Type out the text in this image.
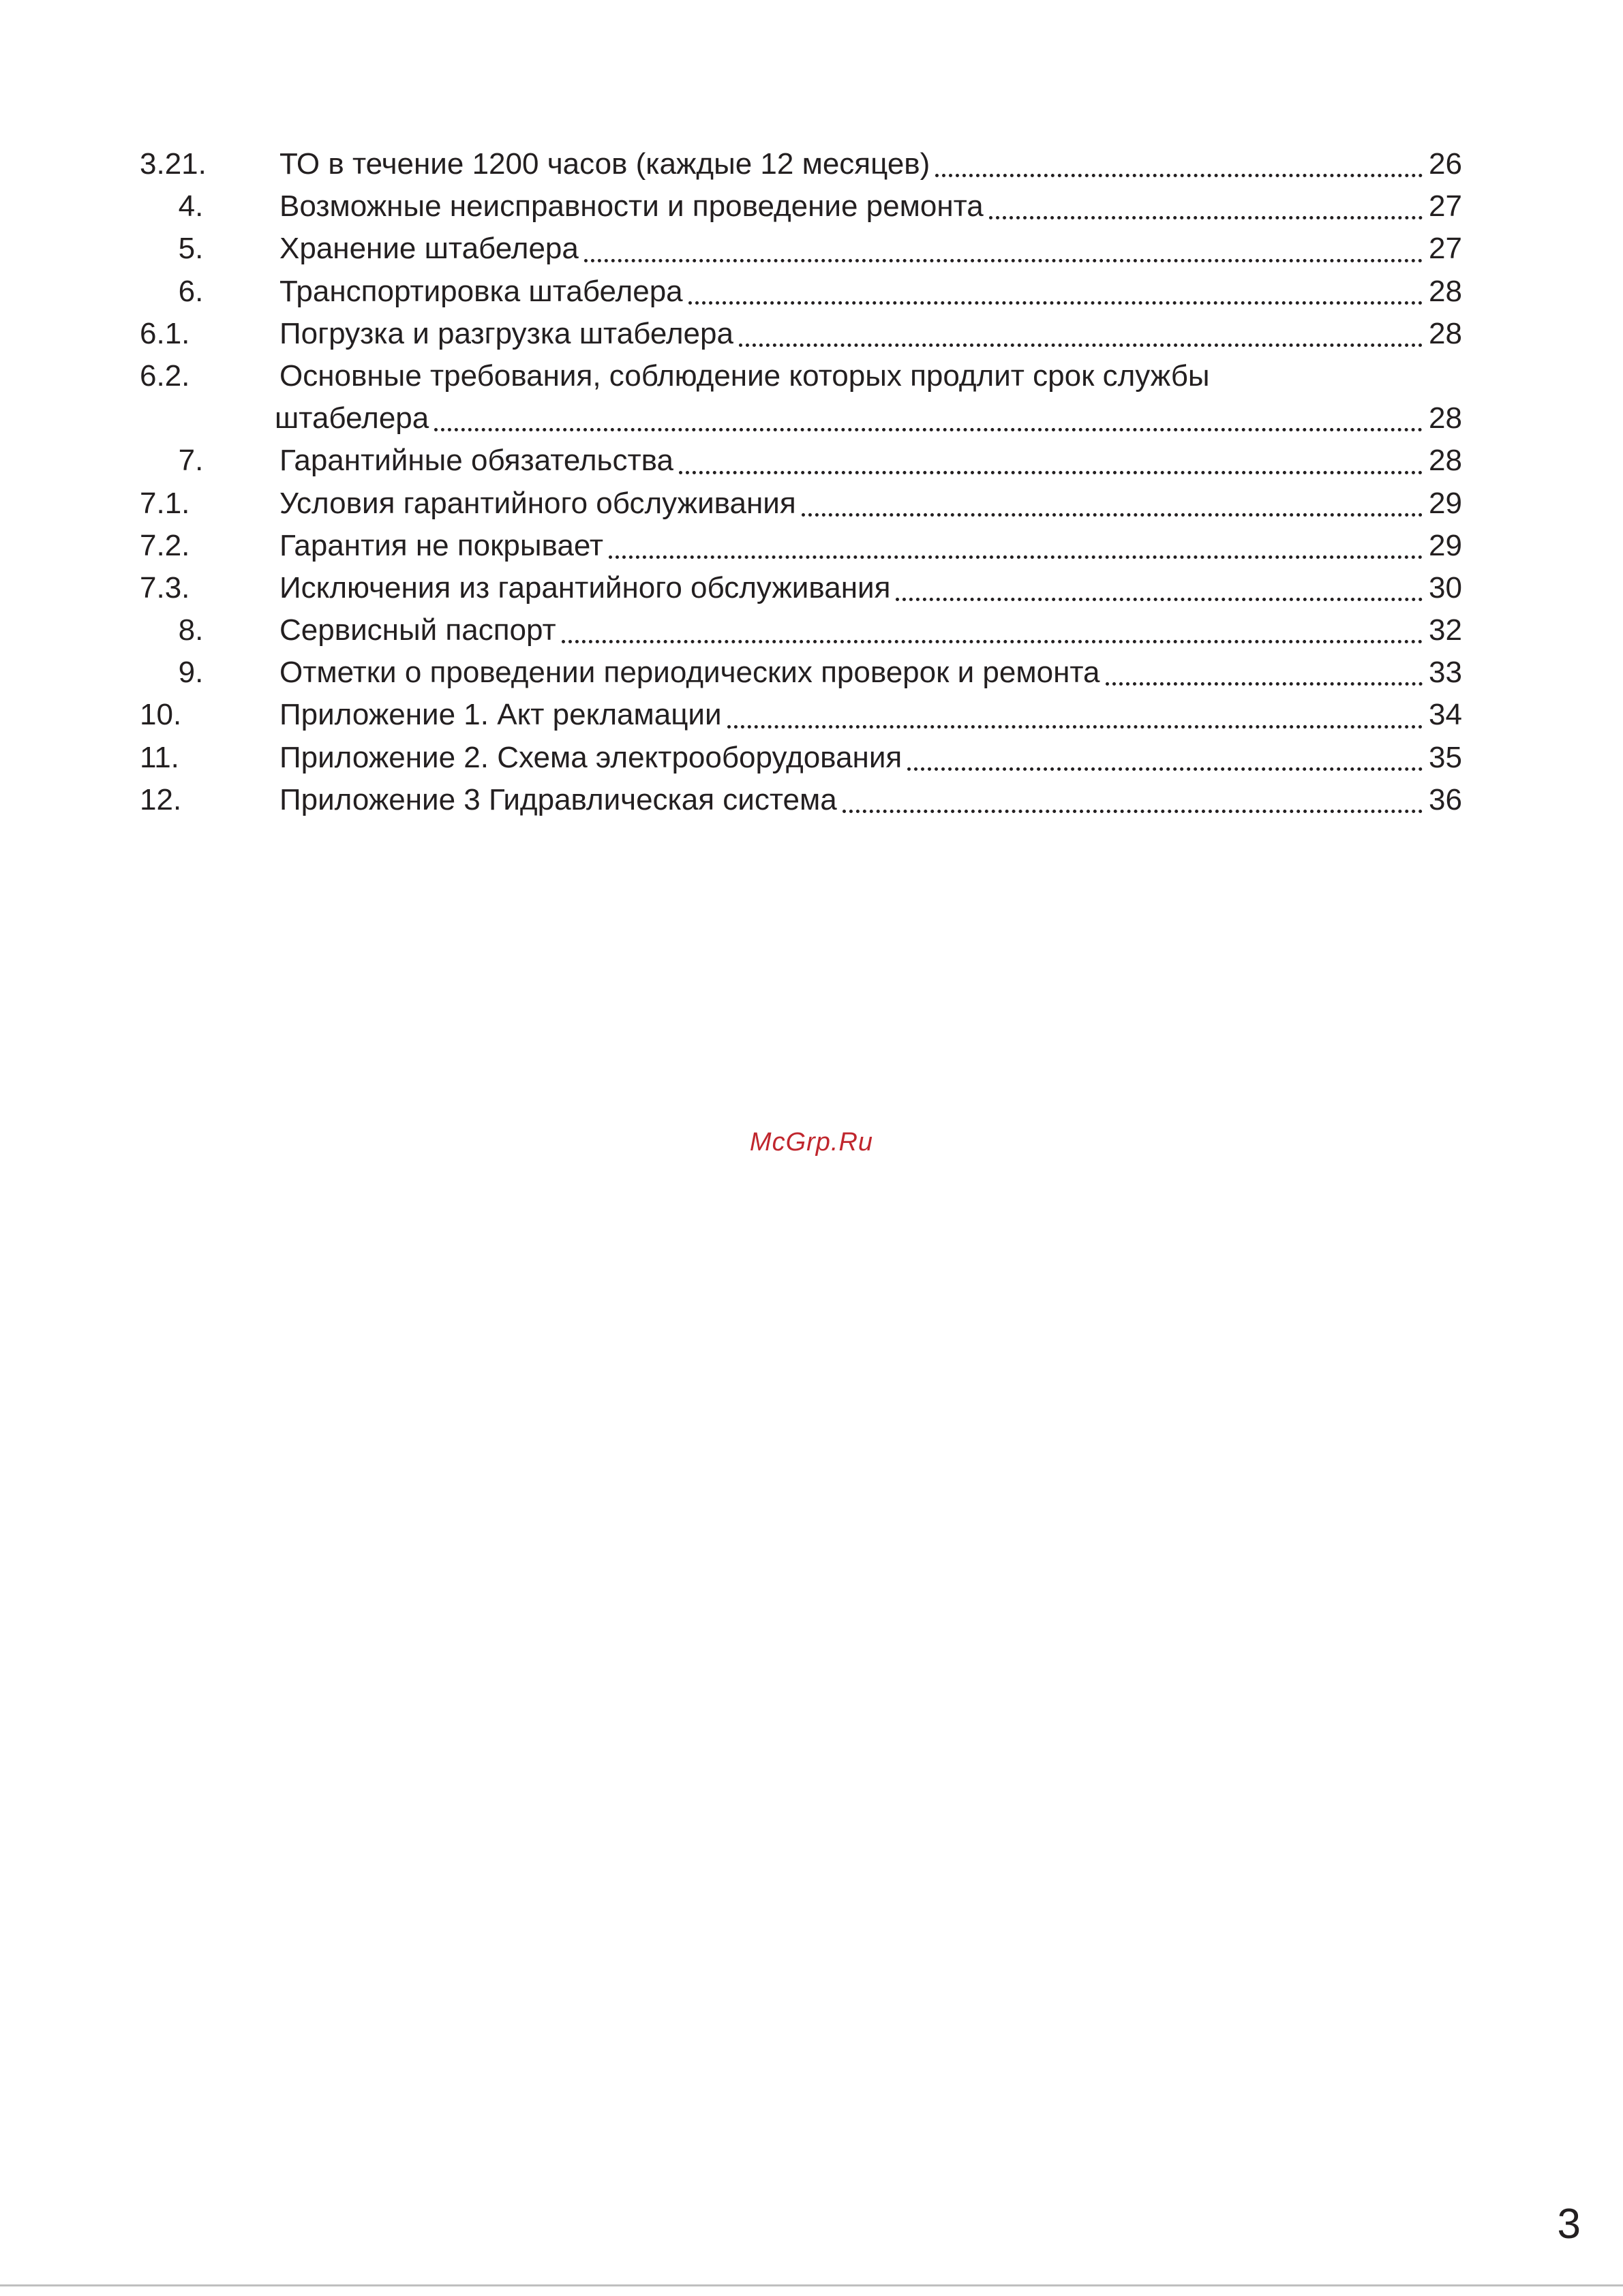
3.21.	ТО в течение 1200 часов (каждые 12 месяцев)	26
4.	Возможные неисправности и проведение ремонта	27
5.	Хранение штабелера	27
6.	Транспортировка штабелера	28
6.1.	Погрузка и разгрузка штабелера	28
6.2.	Основные требования, соблюдение которых продлит срок службы
штабелера	28
7.	Гарантийные обязательства	28
7.1.	Условия гарантийного обслуживания	29
7.2.	Гарантия не покрывает	29
7.3.	Исключения из гарантийного обслуживания	30
8.	Сервисный паспорт	32
9.	Отметки о проведении периодических проверок и ремонта	33
10.	Приложение 1. Акт рекламации	34
11.	Приложение 2. Схема электрооборудования	35
12.	Приложение 3 Гидравлическая система	36
McGrp.Ru
3
